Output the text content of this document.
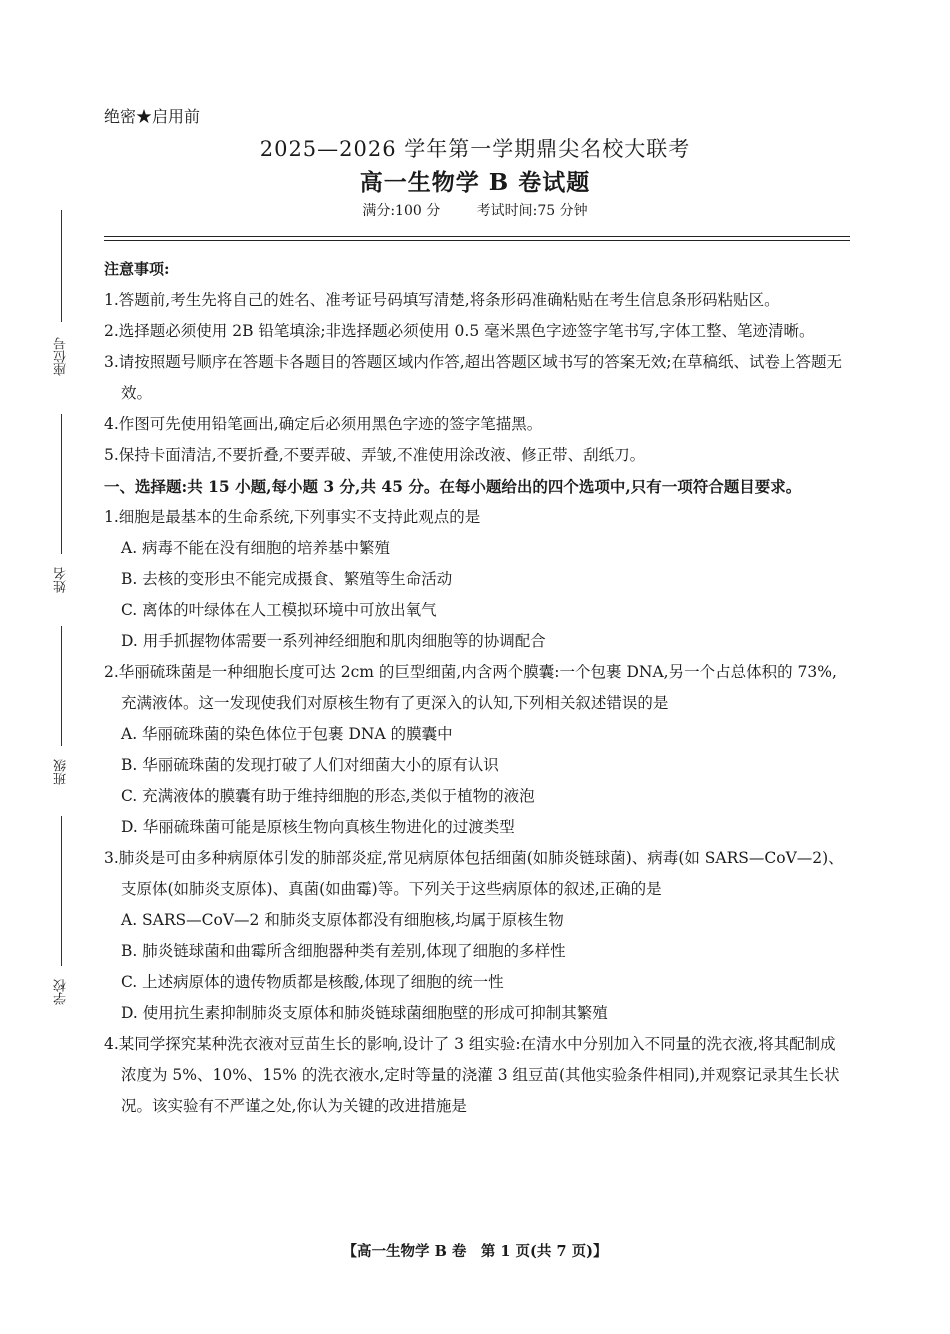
座位号
姓名
班级
学校
绝密★启用前
2025—2026 学年第一学期鼎尖名校大联考
高一生物学 B 卷试题
满分:100 分	考试时间:75 分钟

注意事项:

1.答题前,考生先将自己的姓名、准考证号码填写清楚,将条形码准确粘贴在考生信息条形码粘贴区。

2.选择题必须使用 2B 铅笔填涂;非选择题必须使用 0.5 毫米黑色字迹签字笔书写,字体工整、笔迹清晰。

3.请按照题号顺序在答题卡各题目的答题区域内作答,超出答题区域书写的答案无效;在草稿纸、试卷上答题无效。

4.作图可先使用铅笔画出,确定后必须用黑色字迹的签字笔描黑。

5.保持卡面清洁,不要折叠,不要弄破、弄皱,不准使用涂改液、修正带、刮纸刀。

一、选择题:共 15 小题,每小题 3 分,共 45 分。在每小题给出的四个选项中,只有一项符合题目要求。

1.细胞是最基本的生命系统,下列事实不支持此观点的是

A. 病毒不能在没有细胞的培养基中繁殖

B. 去核的变形虫不能完成摄食、繁殖等生命活动

C. 离体的叶绿体在人工模拟环境中可放出氧气

D. 用手抓握物体需要一系列神经细胞和肌肉细胞等的协调配合

2.华丽硫珠菌是一种细胞长度可达 2cm 的巨型细菌,内含两个膜囊:一个包裹 DNA,另一个占总体积的 73%,充满液体。这一发现使我们对原核生物有了更深入的认知,下列相关叙述错误的是

A. 华丽硫珠菌的染色体位于包裹 DNA 的膜囊中

B. 华丽硫珠菌的发现打破了人们对细菌大小的原有认识

C. 充满液体的膜囊有助于维持细胞的形态,类似于植物的液泡

D. 华丽硫珠菌可能是原核生物向真核生物进化的过渡类型

3.肺炎是可由多种病原体引发的肺部炎症,常见病原体包括细菌(如肺炎链球菌)、病毒(如 SARS—CoV—2)、支原体(如肺炎支原体)、真菌(如曲霉)等。下列关于这些病原体的叙述,正确的是

A. SARS—CoV—2 和肺炎支原体都没有细胞核,均属于原核生物

B. 肺炎链球菌和曲霉所含细胞器种类有差别,体现了细胞的多样性

C. 上述病原体的遗传物质都是核酸,体现了细胞的统一性

D. 使用抗生素抑制肺炎支原体和肺炎链球菌细胞壁的形成可抑制其繁殖

4.某同学探究某种洗衣液对豆苗生长的影响,设计了 3 组实验:在清水中分别加入不同量的洗衣液,将其配制成浓度为 5%、10%、15% 的洗衣液水,定时等量的浇灌 3 组豆苗(其他实验条件相同),并观察记录其生长状况。该实验有不严谨之处,你认为关键的改进措施是

【高一生物学 B 卷　第 1 页(共 7 页)】
